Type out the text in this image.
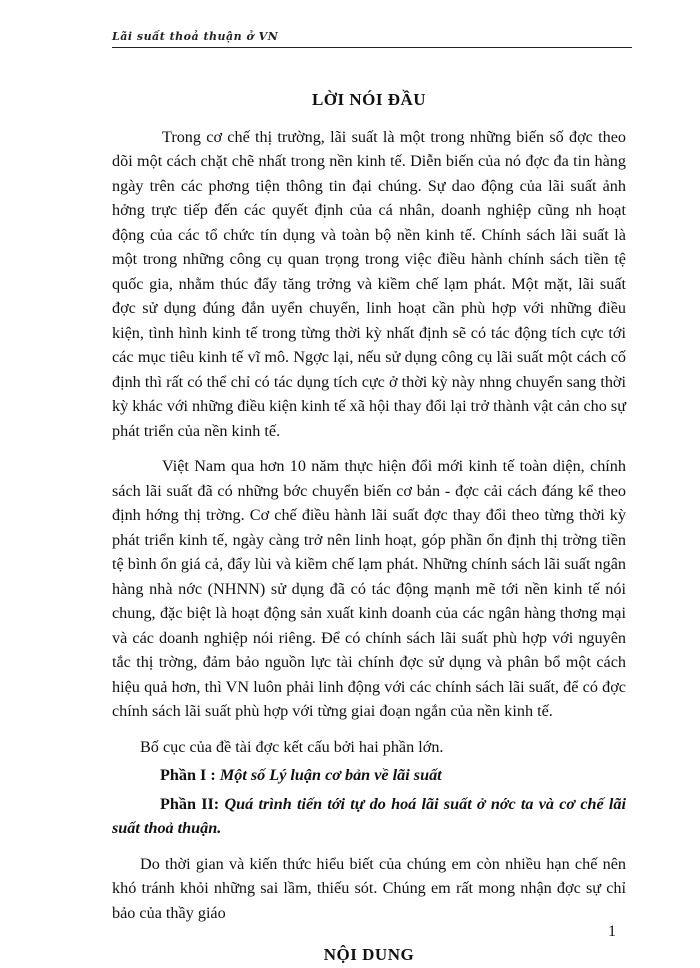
Lãi suất thoả thuận ở VN
LỜI NÓI ĐẦU

Trong cơ chế thị trường, lãi suất là một trong những biến số đợc theo dõi một cách chặt chẽ nhất trong nền kinh tế. Diễn biến của nó đợc đa tin hàng ngày trên các phơng tiện thông tin đại chúng. Sự dao động của lãi suất ảnh hởng trực tiếp đến các quyết định của cá nhân, doanh nghiệp cũng nh hoạt động của các tổ chức tín dụng và toàn bộ nền kinh tế. Chính sách lãi suất là một trong những công cụ quan trọng trong việc điều hành chính sách tiền tệ quốc gia, nhằm thúc đẩy tăng trởng và kiềm chế lạm phát. Một mặt, lãi suất đợc sử dụng đúng đắn uyển chuyển, linh hoạt cần phù hợp với những điều kiện, tình hình kinh tế trong từng thời kỳ nhất định sẽ có tác động tích cực tới các mục tiêu kinh tế vĩ mô. Ngợc lại, nếu sử dụng công cụ lãi suất một cách cố định thì rất có thể chỉ có tác dụng tích cực ở thời kỳ này nhng chuyển sang thời kỳ khác với những điều kiện kinh tế xã hội thay đổi lại trở thành vật cản cho sự phát triển của nền kinh tế.

Việt Nam qua hơn 10 năm thực hiện đổi mới kinh tế toàn diện, chính sách lãi suất đã có những bớc chuyển biến cơ bản - đợc cải cách đáng kể theo định hớng thị trờng. Cơ chế điều hành lãi suất đợc thay đổi theo từng thời kỳ phát triển kinh tế, ngày càng trở nên linh hoạt, góp phần ổn định thị trờng tiền tệ bình ổn giá cả, đẩy lùi và kiềm chế lạm phát. Những chính sách lãi suất ngân hàng nhà nớc (NHNN) sử dụng đã có tác động mạnh mẽ tới nền kinh tế nói chung, đặc biệt là hoạt động sản xuất kinh doanh của các ngân hàng thơng mại và các doanh nghiệp nói riêng. Để có chính sách lãi suất phù hợp với nguyên tắc thị trờng, đảm bảo nguồn lực tài chính đợc sử dụng và phân bổ một cách hiệu quả hơn, thì VN luôn phải linh động với các chính sách lãi suất, để có đợc chính sách lãi suất phù hợp với từng giai đoạn ngắn của nền kinh tế.

Bố cục của đề tài đợc kết cấu bởi hai phần lớn.

Phần I : Một số Lý luận cơ bản về lãi suất

Phần II: Quá trình tiến tới tự do hoá lãi suất ở nớc ta và cơ chế lãi suất thoả thuận.

Do thời gian và kiến thức hiểu biết của chúng em còn nhiều hạn chế nên khó tránh khỏi những sai lầm, thiếu sót. Chúng em rất mong nhận đợc sự chỉ bảo của thầy giáo

NỘI DUNG
1
